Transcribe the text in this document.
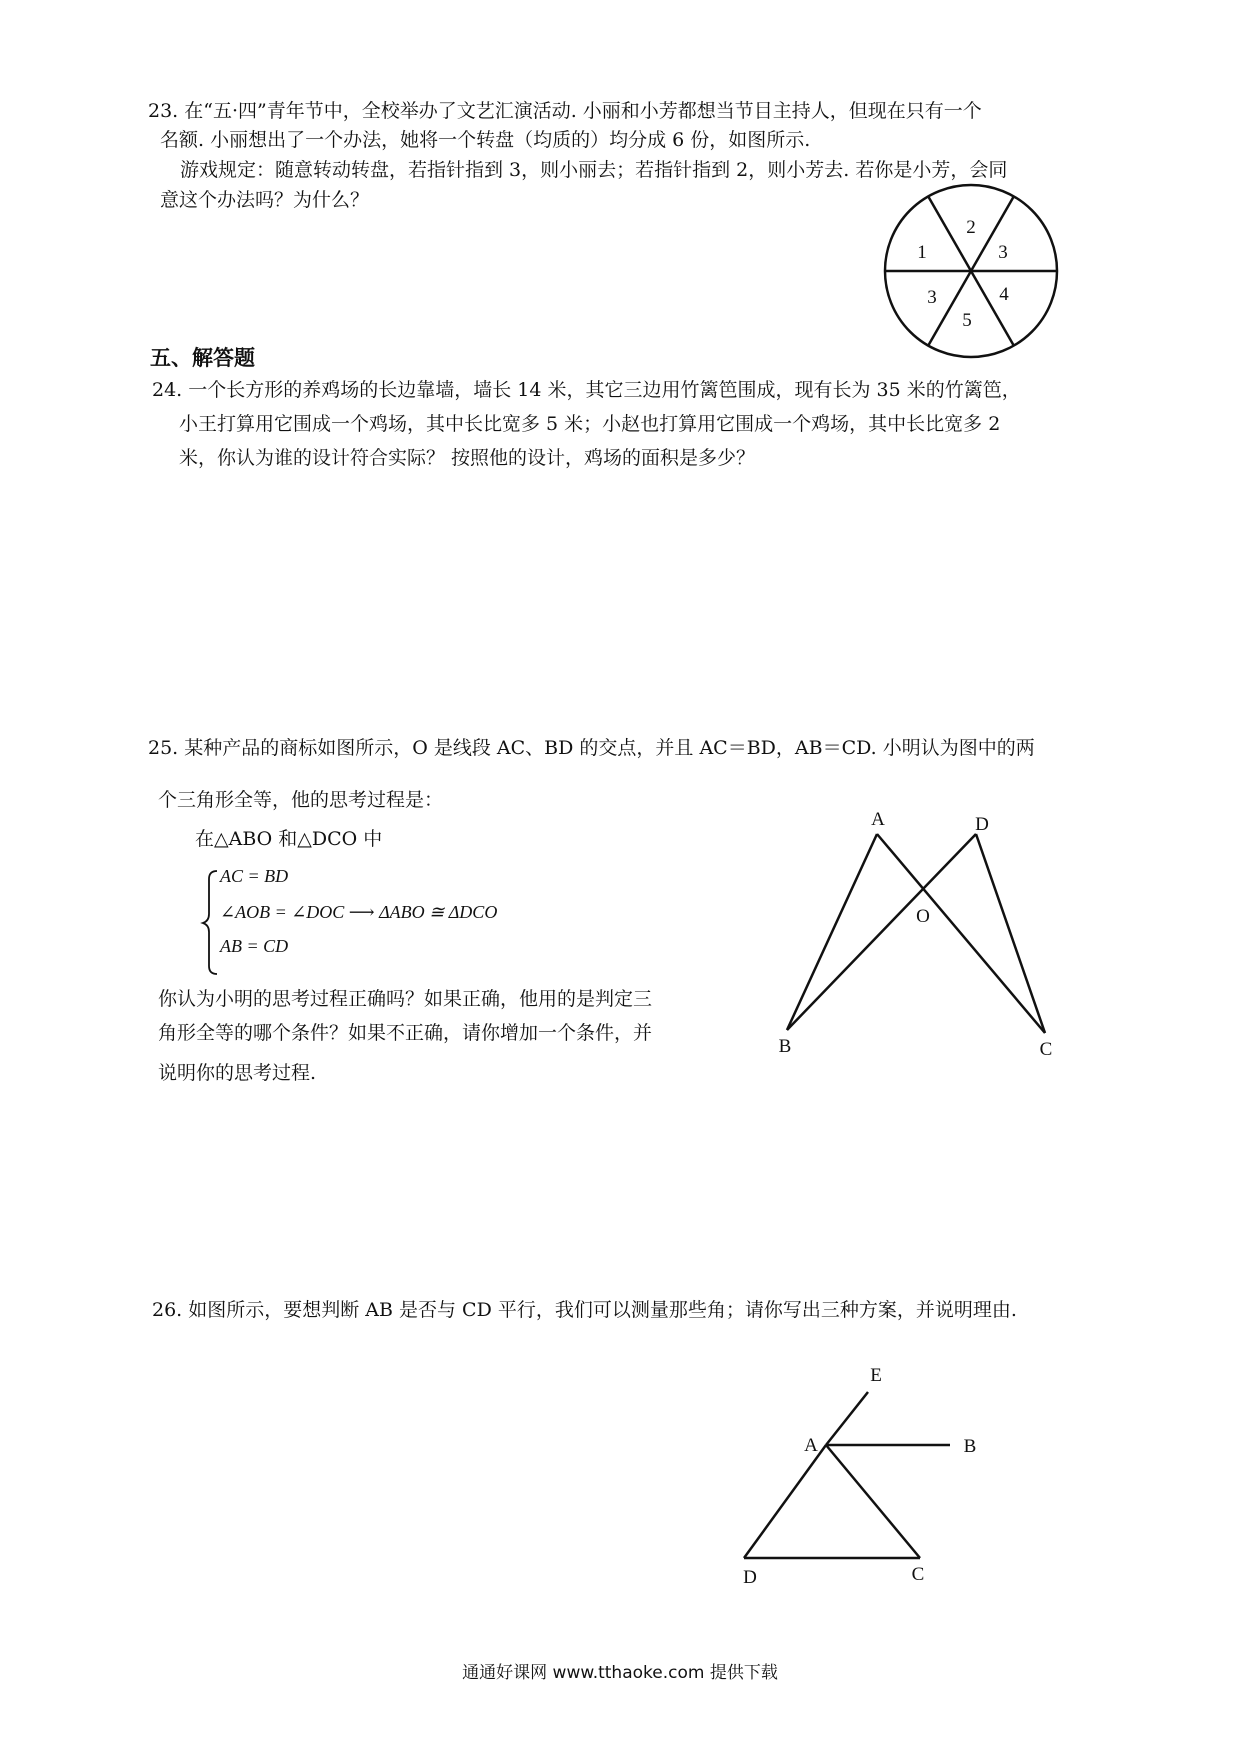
23. 在“五·四”青年节中，全校举办了文艺汇演活动. 小丽和小芳都想当节目主持人，但现在只有一个
名额. 小丽想出了一个办法，她将一个转盘（均质的）均分成 6 份，如图所示.
游戏规定：随意转动转盘，若指针指到 3，则小丽去；若指针指到 2，则小芳去. 若你是小芳，会同
意这个办法吗？为什么？
1
2
3
4
5
3
A	D
O
B	C
E
A	B
D	C
五、解答题
24. 一个长方形的养鸡场的长边靠墙，墙长 14 米，其它三边用竹篱笆围成，现有长为 35 米的竹篱笆，
小王打算用它围成一个鸡场，其中长比宽多 5 米；小赵也打算用它围成一个鸡场，其中长比宽多 2
米，你认为谁的设计符合实际？ 按照他的设计，鸡场的面积是多少？
25. 某种产品的商标如图所示，O 是线段 AC、BD 的交点，并且 AC＝BD，AB＝CD. 小明认为图中的两
个三角形全等，他的思考过程是：
在△ABO 和△DCO 中
AC = BD
∠AOB = ∠DOC ⟶ ΔABO ≅ ΔDCO
AB = CD
你认为小明的思考过程正确吗？如果正确，他用的是判定三
角形全等的哪个条件？如果不正确，请你增加一个条件，并
说明你的思考过程.
26. 如图所示，要想判断 AB 是否与 CD 平行，我们可以测量那些角；请你写出三种方案，并说明理由.
通通好课网 www.tthaoke.com 提供下载
